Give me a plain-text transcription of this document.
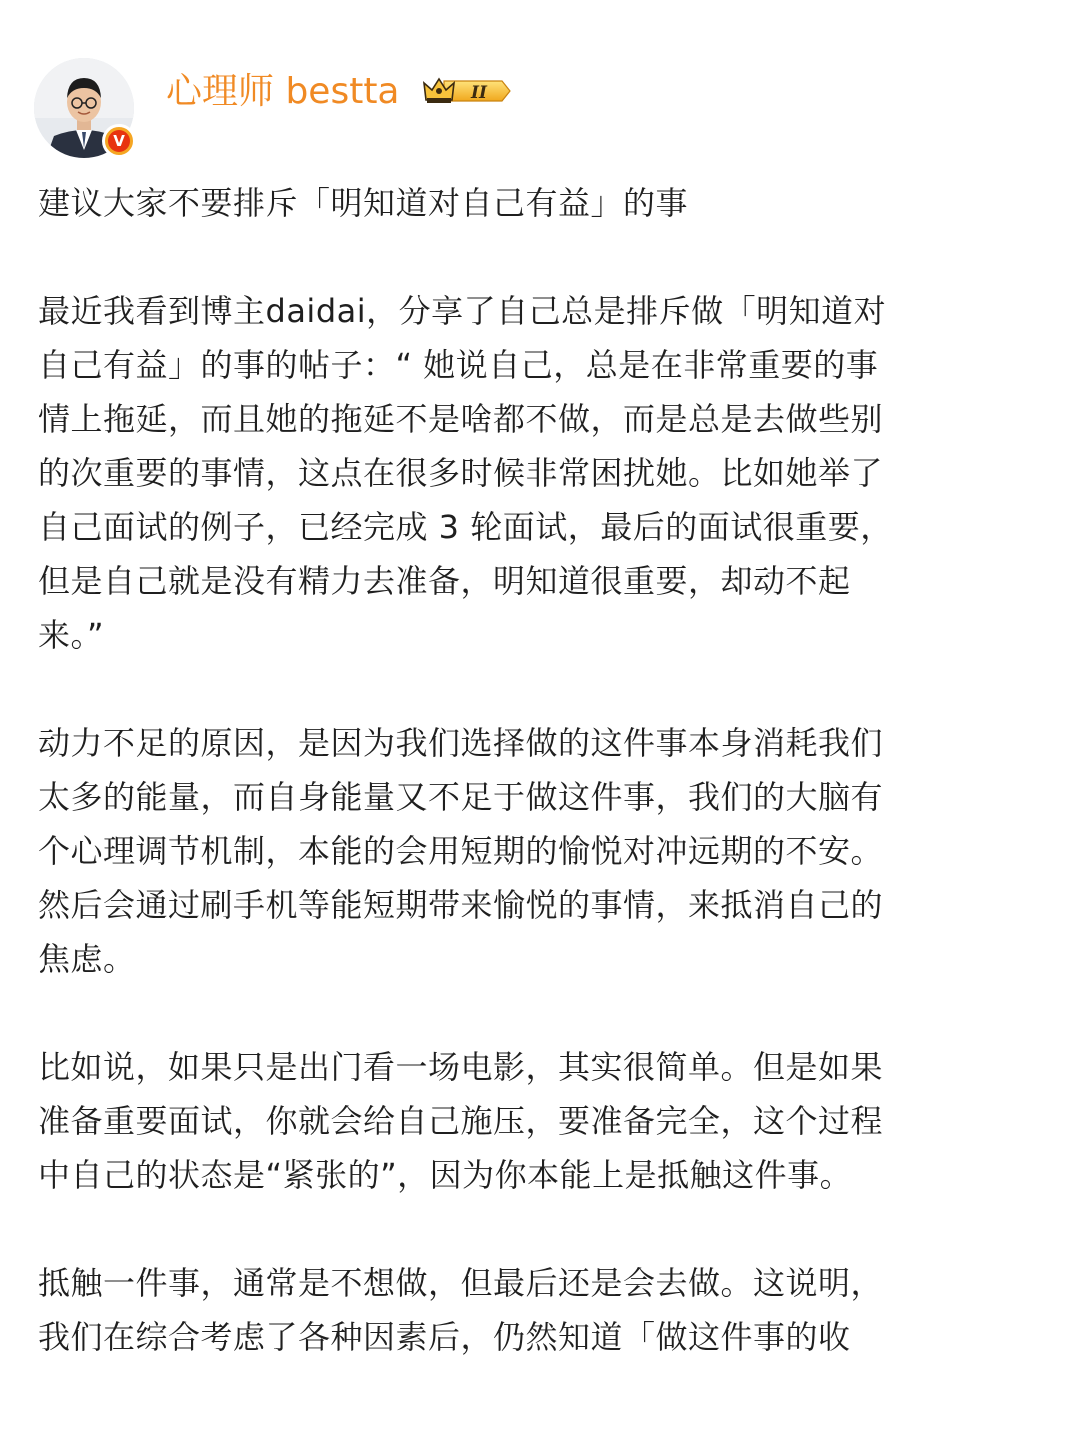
V
心理师 bestta	II

建议大家不要排斥「明知道对自己有益」的事

最近我看到博主daidai，分享了自己总是排斥做「明知道对
自己有益」的事的帖子：“ 她说自己，总是在非常重要的事
情上拖延，而且她的拖延不是啥都不做，而是总是去做些别
的次重要的事情，这点在很多时候非常困扰她。比如她举了
自己面试的例子，已经完成 3 轮面试，最后的面试很重要，
但是自己就是没有精力去准备，明知道很重要，却动不起
来。”

动力不足的原因，是因为我们选择做的这件事本身消耗我们
太多的能量，而自身能量又不足于做这件事，我们的大脑有
个心理调节机制，本能的会用短期的愉悦对冲远期的不安。
然后会通过刷手机等能短期带来愉悦的事情，来抵消自己的
焦虑。

比如说，如果只是出门看一场电影，其实很简单。但是如果
准备重要面试，你就会给自己施压，要准备完全，这个过程
中自己的状态是“紧张的”，因为你本能上是抵触这件事。

抵触一件事，通常是不想做，但最后还是会去做。这说明，
我们在综合考虑了各种因素后，仍然知道「做这件事的收
